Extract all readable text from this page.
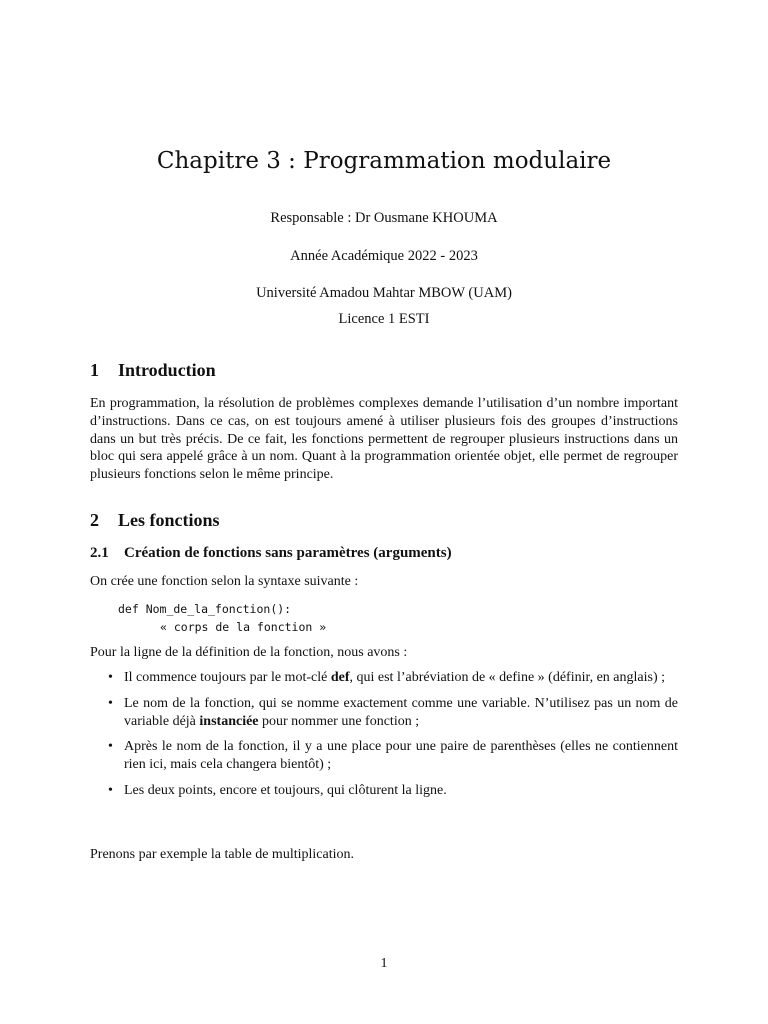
Chapitre 3 : Programmation modulaire
Responsable : Dr Ousmane KHOUMA
Année Académique 2022 - 2023
Université Amadou Mahtar MBOW (UAM)
Licence 1 ESTI
1 Introduction
En programmation, la résolution de problèmes complexes demande l’utilisation d’un nombre important d’instructions. Dans ce cas, on est toujours amené à utiliser plusieurs fois des groupes d’instructions dans un but très précis. De ce fait, les fonctions permettent de regrouper plusieurs instructions dans un bloc qui sera appelé grâce à un nom. Quant à la programmation orientée objet, elle permet de regrouper plusieurs fonctions selon le même principe.
2 Les fonctions
2.1 Création de fonctions sans paramètres (arguments)
On crée une fonction selon la syntaxe suivante :
def Nom_de_la_fonction():
« corps de la fonction »
Pour la ligne de la définition de la fonction, nous avons :
• Il commence toujours par le mot-clé def, qui est l’abréviation de « define » (définir, en anglais) ;
• Le nom de la fonction, qui se nomme exactement comme une variable. N’utilisez pas un nom de variable déjà instanciée pour nommer une fonction ;
• Après le nom de la fonction, il y a une place pour une paire de parenthèses (elles ne contiennent rien ici, mais cela changera bientôt) ;
• Les deux points, encore et toujours, qui clôturent la ligne.
Prenons par exemple la table de multiplication.
1
